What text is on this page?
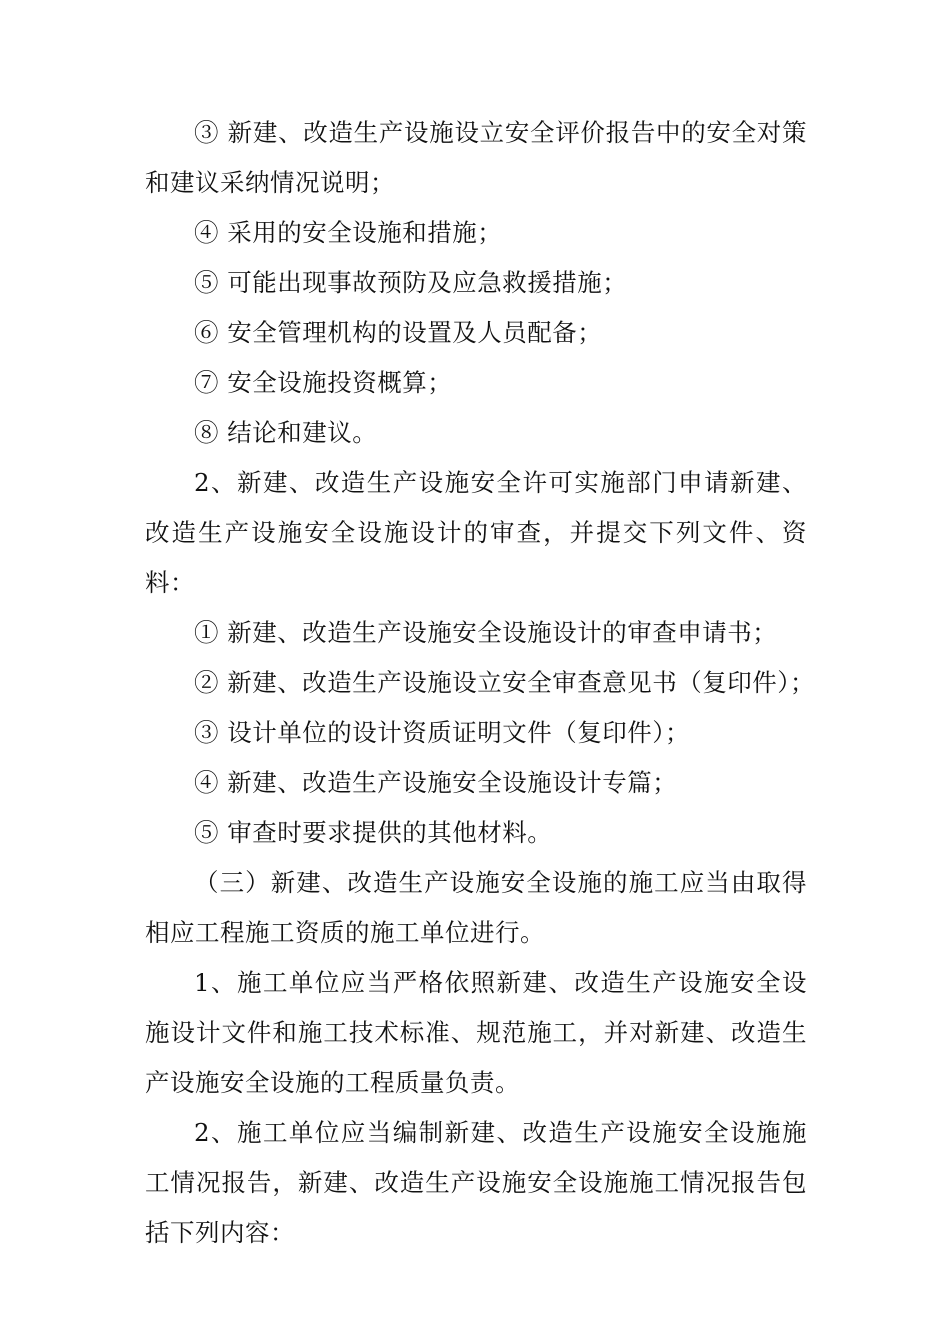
③ 新建、改造生产设施设立安全评价报告中的安全对策和建议采纳情况说明；

④ 采用的安全设施和措施；

⑤ 可能出现事故预防及应急救援措施；

⑥ 安全管理机构的设置及人员配备；

⑦ 安全设施投资概算；

⑧ 结论和建议。

2、新建、改造生产设施安全许可实施部门申请新建、改造生产设施安全设施设计的审查，并提交下列文件、资料：

① 新建、改造生产设施安全设施设计的审查申请书；

② 新建、改造生产设施设立安全审查意见书（复印件）；

③ 设计单位的设计资质证明文件（复印件）；

④ 新建、改造生产设施安全设施设计专篇；

⑤ 审查时要求提供的其他材料。

（三）新建、改造生产设施安全设施的施工应当由取得相应工程施工资质的施工单位进行。

1、施工单位应当严格依照新建、改造生产设施安全设施设计文件和施工技术标准、规范施工，并对新建、改造生产设施安全设施的工程质量负责。

2、施工单位应当编制新建、改造生产设施安全设施施工情况报告，新建、改造生产设施安全设施施工情况报告包括下列内容：
